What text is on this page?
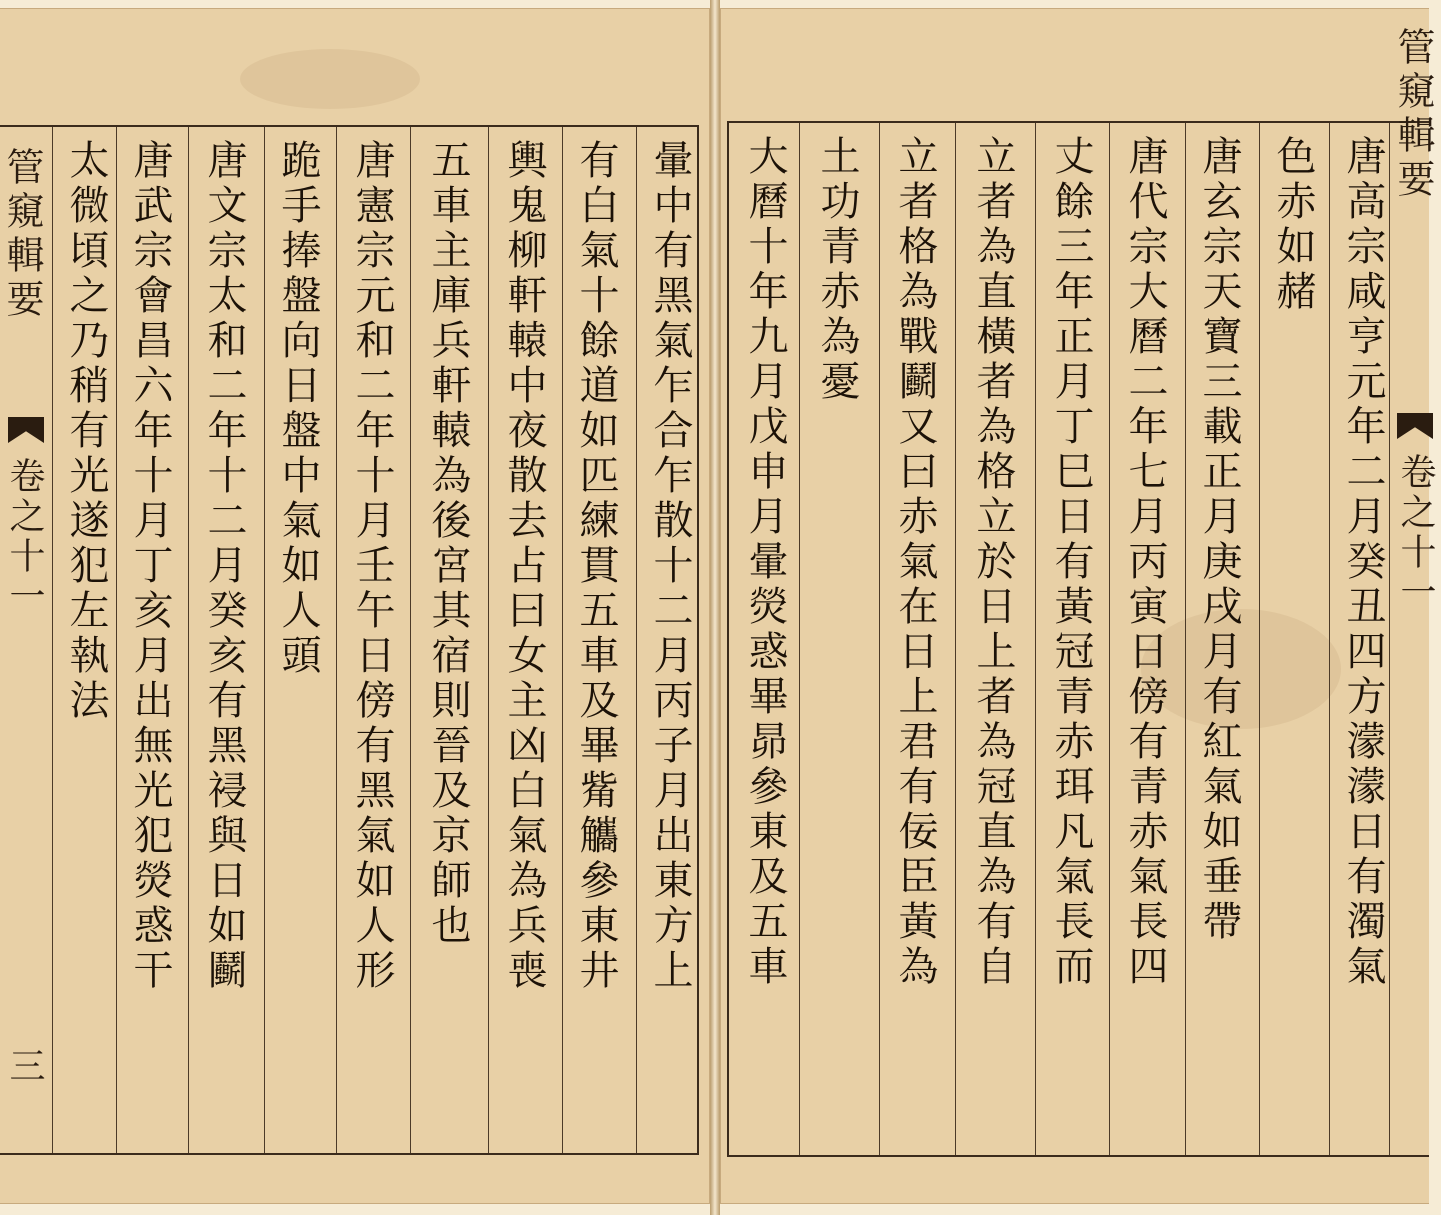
暈中有黑氣乍合乍散十二月丙子月出東方上
有白氣十餘道如匹練貫五車及畢觜觿參東井
輿鬼柳軒轅中夜散去占曰女主凶白氣為兵喪
五車主庫兵軒轅為後宮其宿則晉及京師也
唐憲宗元和二年十月壬午日傍有黑氣如人形
跪手捧盤向日盤中氣如人頭
唐文宗太和二年十二月癸亥有黑祲與日如鬬
唐武宗會昌六年十月丁亥月出無光犯熒惑干
太微頃之乃稍有光遂犯左執法
管窺輯要
卷之十一
三
唐高宗咸亨元年二月癸丑四方濛濛日有濁氣
色赤如赭
唐玄宗天寶三載正月庚戌月有紅氣如垂帶
唐代宗大曆二年七月丙寅日傍有青赤氣長四
丈餘三年正月丁巳日有黃冠青赤珥凡氣長而
立者為直橫者為格立於日上者為冠直為有自
立者格為戰鬬又曰赤氣在日上君有佞臣黃為
土功青赤為憂
大曆十年九月戊申月暈熒惑畢昴參東及五車
管窺輯要
卷之十一
